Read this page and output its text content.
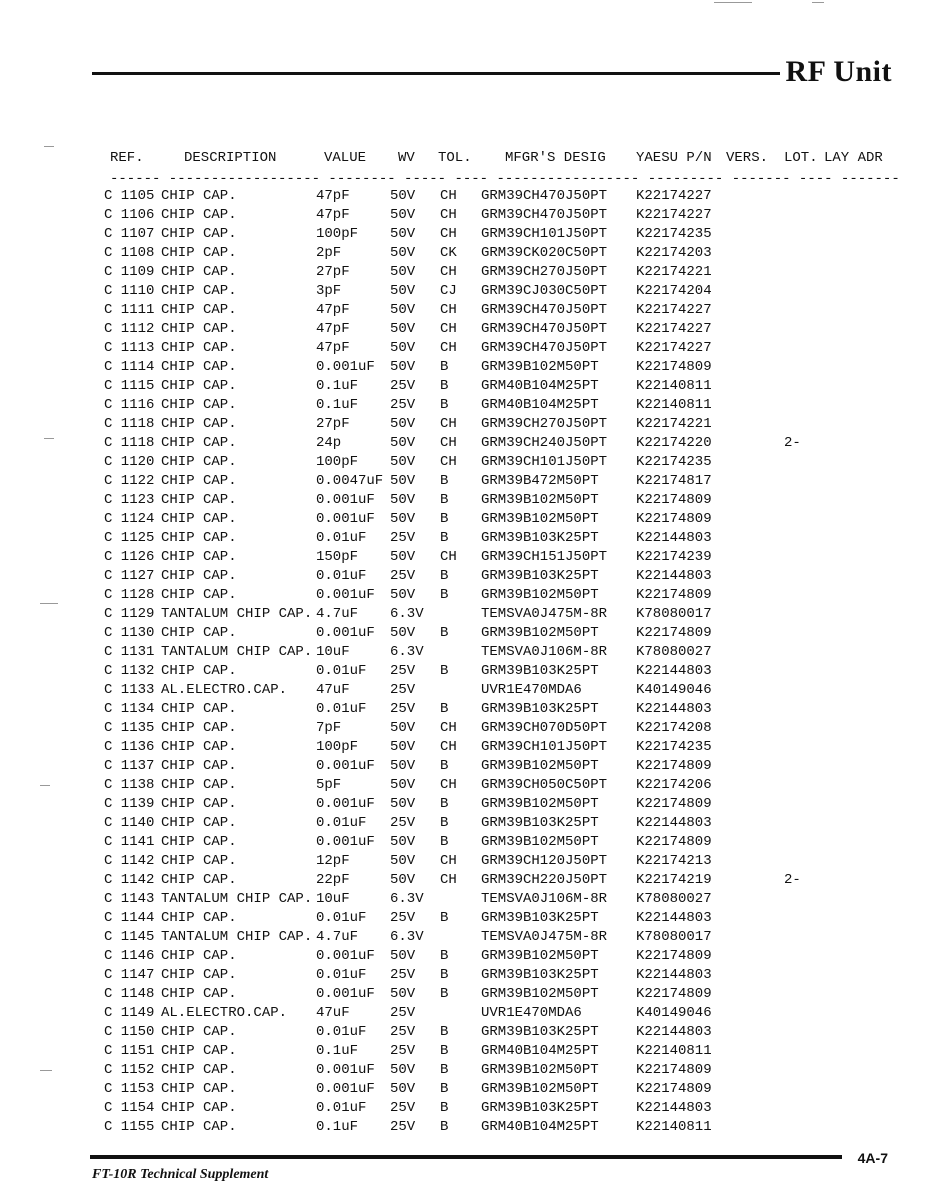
RF Unit
REF.	DESCRIPTION	VALUE WV TOL. MFGR'S DESIG YAESU P/N VERS. LOT. LAY ADR
------ ------------------ -------- ----- ---- ----------------- --------- ------- ---- -------
C 1105 CHIP CAP.	47pF	50V CH GRM39CH470J50PT K22174227
C 1106 CHIP CAP.	47pF	50V CH GRM39CH470J50PT K22174227
C 1107 CHIP CAP.	100pF 50V CH GRM39CH101J50PT K22174235
C 1108 CHIP CAP.	2pF	50V CK GRM39CK020C50PT K22174203
C 1109 CHIP CAP.	27pF	50V CH GRM39CH270J50PT K22174221
C 1110 CHIP CAP.	3pF	50V CJ GRM39CJ030C50PT K22174204
C 1111 CHIP CAP.	47pF	50V CH GRM39CH470J50PT K22174227
C 1112 CHIP CAP.	47pF	50V CH GRM39CH470J50PT K22174227
C 1113 CHIP CAP.	47pF	50V CH GRM39CH470J50PT K22174227
C 1114 CHIP CAP.	0.001uF 50V B GRM39B102M50PT	K22174809
C 1115 CHIP CAP.	0.1uF 25V B GRM40B104M25PT	K22140811
C 1116 CHIP CAP.	0.1uF 25V B GRM40B104M25PT	K22140811
C 1118 CHIP CAP.	27pF	50V CH GRM39CH270J50PT K22174221
C 1118 CHIP CAP.	24p	50V CH GRM39CH240J50PT K22174220	2-
C 1120 CHIP CAP.	100pF 50V CH GRM39CH101J50PT K22174235
C 1122 CHIP CAP.	0.0047uF 50V B GRM39B472M50PT	K22174817
C 1123 CHIP CAP.	0.001uF 50V B GRM39B102M50PT	K22174809
C 1124 CHIP CAP.	0.001uF 50V B GRM39B102M50PT	K22174809
C 1125 CHIP CAP.	0.01uF 25V B GRM39B103K25PT	K22144803
C 1126 CHIP CAP.	150pF 50V CH GRM39CH151J50PT K22174239
C 1127 CHIP CAP.	0.01uF 25V B GRM39B103K25PT	K22144803
C 1128 CHIP CAP.	0.001uF 50V B GRM39B102M50PT	K22174809
C 1129 TANTALUM CHIP CAP. 4.7uF 6.3V	TEMSVA0J475M-8R K78080017
C 1130 CHIP CAP.	0.001uF 50V B GRM39B102M50PT	K22174809
C 1131 TANTALUM CHIP CAP. 10uF	6.3V	TEMSVA0J106M-8R K78080027
C 1132 CHIP CAP.	0.01uF 25V B GRM39B103K25PT	K22144803
C 1133 AL.ELECTRO.CAP. 47uF	25V	UVR1E470MDA6	K40149046
C 1134 CHIP CAP.	0.01uF 25V B GRM39B103K25PT	K22144803
C 1135 CHIP CAP.	7pF	50V CH GRM39CH070D50PT K22174208
C 1136 CHIP CAP.	100pF 50V CH GRM39CH101J50PT K22174235
C 1137 CHIP CAP.	0.001uF 50V B GRM39B102M50PT	K22174809
C 1138 CHIP CAP.	5pF	50V CH GRM39CH050C50PT K22174206
C 1139 CHIP CAP.	0.001uF 50V B GRM39B102M50PT	K22174809
C 1140 CHIP CAP.	0.01uF 25V B GRM39B103K25PT	K22144803
C 1141 CHIP CAP.	0.001uF 50V B GRM39B102M50PT	K22174809
C 1142 CHIP CAP.	12pF	50V CH GRM39CH120J50PT K22174213
C 1142 CHIP CAP.	22pF	50V CH GRM39CH220J50PT K22174219	2-
C 1143 TANTALUM CHIP CAP. 10uF	6.3V	TEMSVA0J106M-8R K78080027
C 1144 CHIP CAP.	0.01uF 25V B GRM39B103K25PT	K22144803
C 1145 TANTALUM CHIP CAP. 4.7uF 6.3V	TEMSVA0J475M-8R K78080017
C 1146 CHIP CAP.	0.001uF 50V B GRM39B102M50PT	K22174809
C 1147 CHIP CAP.	0.01uF 25V B GRM39B103K25PT	K22144803
C 1148 CHIP CAP.	0.001uF 50V B GRM39B102M50PT	K22174809
C 1149 AL.ELECTRO.CAP. 47uF	25V	UVR1E470MDA6	K40149046
C 1150 CHIP CAP.	0.01uF 25V B GRM39B103K25PT	K22144803
C 1151 CHIP CAP.	0.1uF 25V B GRM40B104M25PT	K22140811
C 1152 CHIP CAP.	0.001uF 50V B GRM39B102M50PT	K22174809
C 1153 CHIP CAP.	0.001uF 50V B GRM39B102M50PT	K22174809
C 1154 CHIP CAP.	0.01uF 25V B GRM39B103K25PT	K22144803
C 1155 CHIP CAP.	0.1uF 25V B GRM40B104M25PT	K22140811
4A-7
FT-10R Technical Supplement
